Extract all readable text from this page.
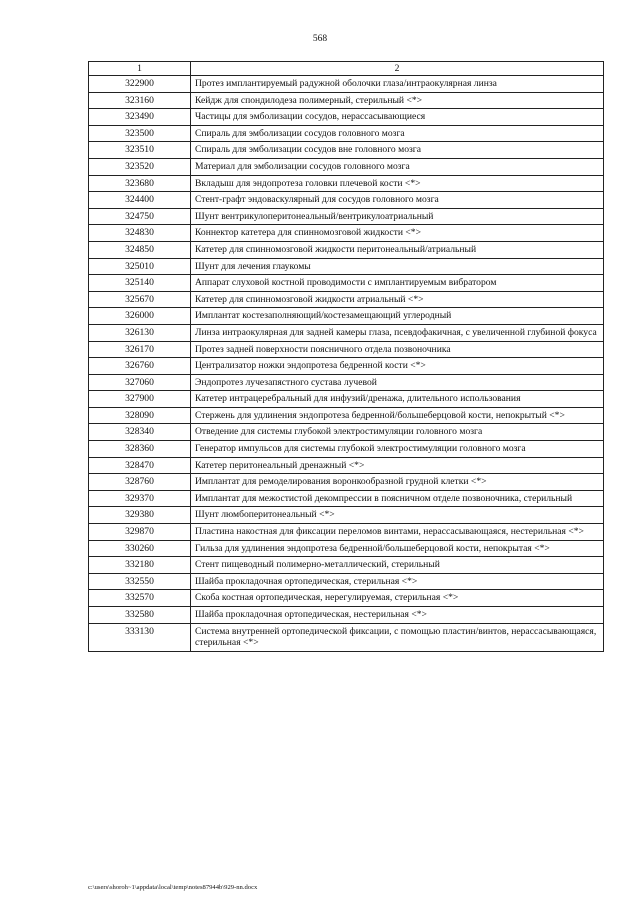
568
1	2
322900	Протез имплантируемый радужной оболочки глаза/интраокулярная линза
323160	Кейдж для спондилодеза полимерный, стерильный <*>
323490	Частицы для эмболизации сосудов, нерассасывающиеся
323500	Спираль для эмболизации сосудов головного мозга
323510	Спираль для эмболизации сосудов вне головного мозга
323520	Материал для эмболизации сосудов головного мозга
323680	Вкладыш для эндопротеза головки плечевой кости <*>
324400	Стент-графт эндоваскулярный для сосудов головного мозга
324750	Шунт вентрикулоперитонеальный/вентрикулоатриальный
324830	Коннектор катетера для спинномозговой жидкости <*>
324850	Катетер для спинномозговой жидкости перитонеальный/атриальный
325010	Шунт для лечения глаукомы
325140	Аппарат слуховой костной проводимости с имплантируемым вибратором
325670	Катетер для спинномозговой жидкости атриальный <*>
326000	Имплантат костезаполняющий/костезамещающий углеродный
326130	Линза интраокулярная для задней камеры глаза, псевдофакичная, с увеличенной глубиной фокуса
326170	Протез задней поверхности поясничного отдела позвоночника
326760	Централизатор ножки эндопротеза бедренной кости <*>
327060	Эндопротез лучезапястного сустава лучевой
327900	Катетер интрацеребральный для инфузий/дренажа, длительного использования
328090	Стержень для удлинения эндопротеза бедренной/большеберцовой кости, непокрытый <*>
328340	Отведение для системы глубокой электростимуляции головного мозга
328360	Генератор импульсов для системы глубокой электростимуляции головного мозга
328470	Катетер перитонеальный дренажный <*>
328760	Имплантат для ремоделирования воронкообразной грудной клетки <*>
329370	Имплантат для межостистой декомпрессии в поясничном отделе позвоночника, стерильный
329380	Шунт люмбоперитонеальный <*>
329870	Пластина накостная для фиксации переломов винтами, нерассасывающаяся, нестерильная <*>
330260	Гильза для удлинения эндопротеза бедренной/большеберцовой кости, непокрытая <*>
332180	Стент пищеводный полимерно-металлический, стерильный
332550	Шайба прокладочная ортопедическая, стерильная <*>
332570	Скоба костная ортопедическая, нерегулируемая, стерильная <*>
332580	Шайба прокладочная ортопедическая, нестерильная <*>
333130	Система внутренней ортопедической фиксации, с помощью пластин/винтов, нерассасывающаяся, стерильная <*>
c:\users\shoroh~1\appdata\local\temp\notes87944b\929-nn.docx
